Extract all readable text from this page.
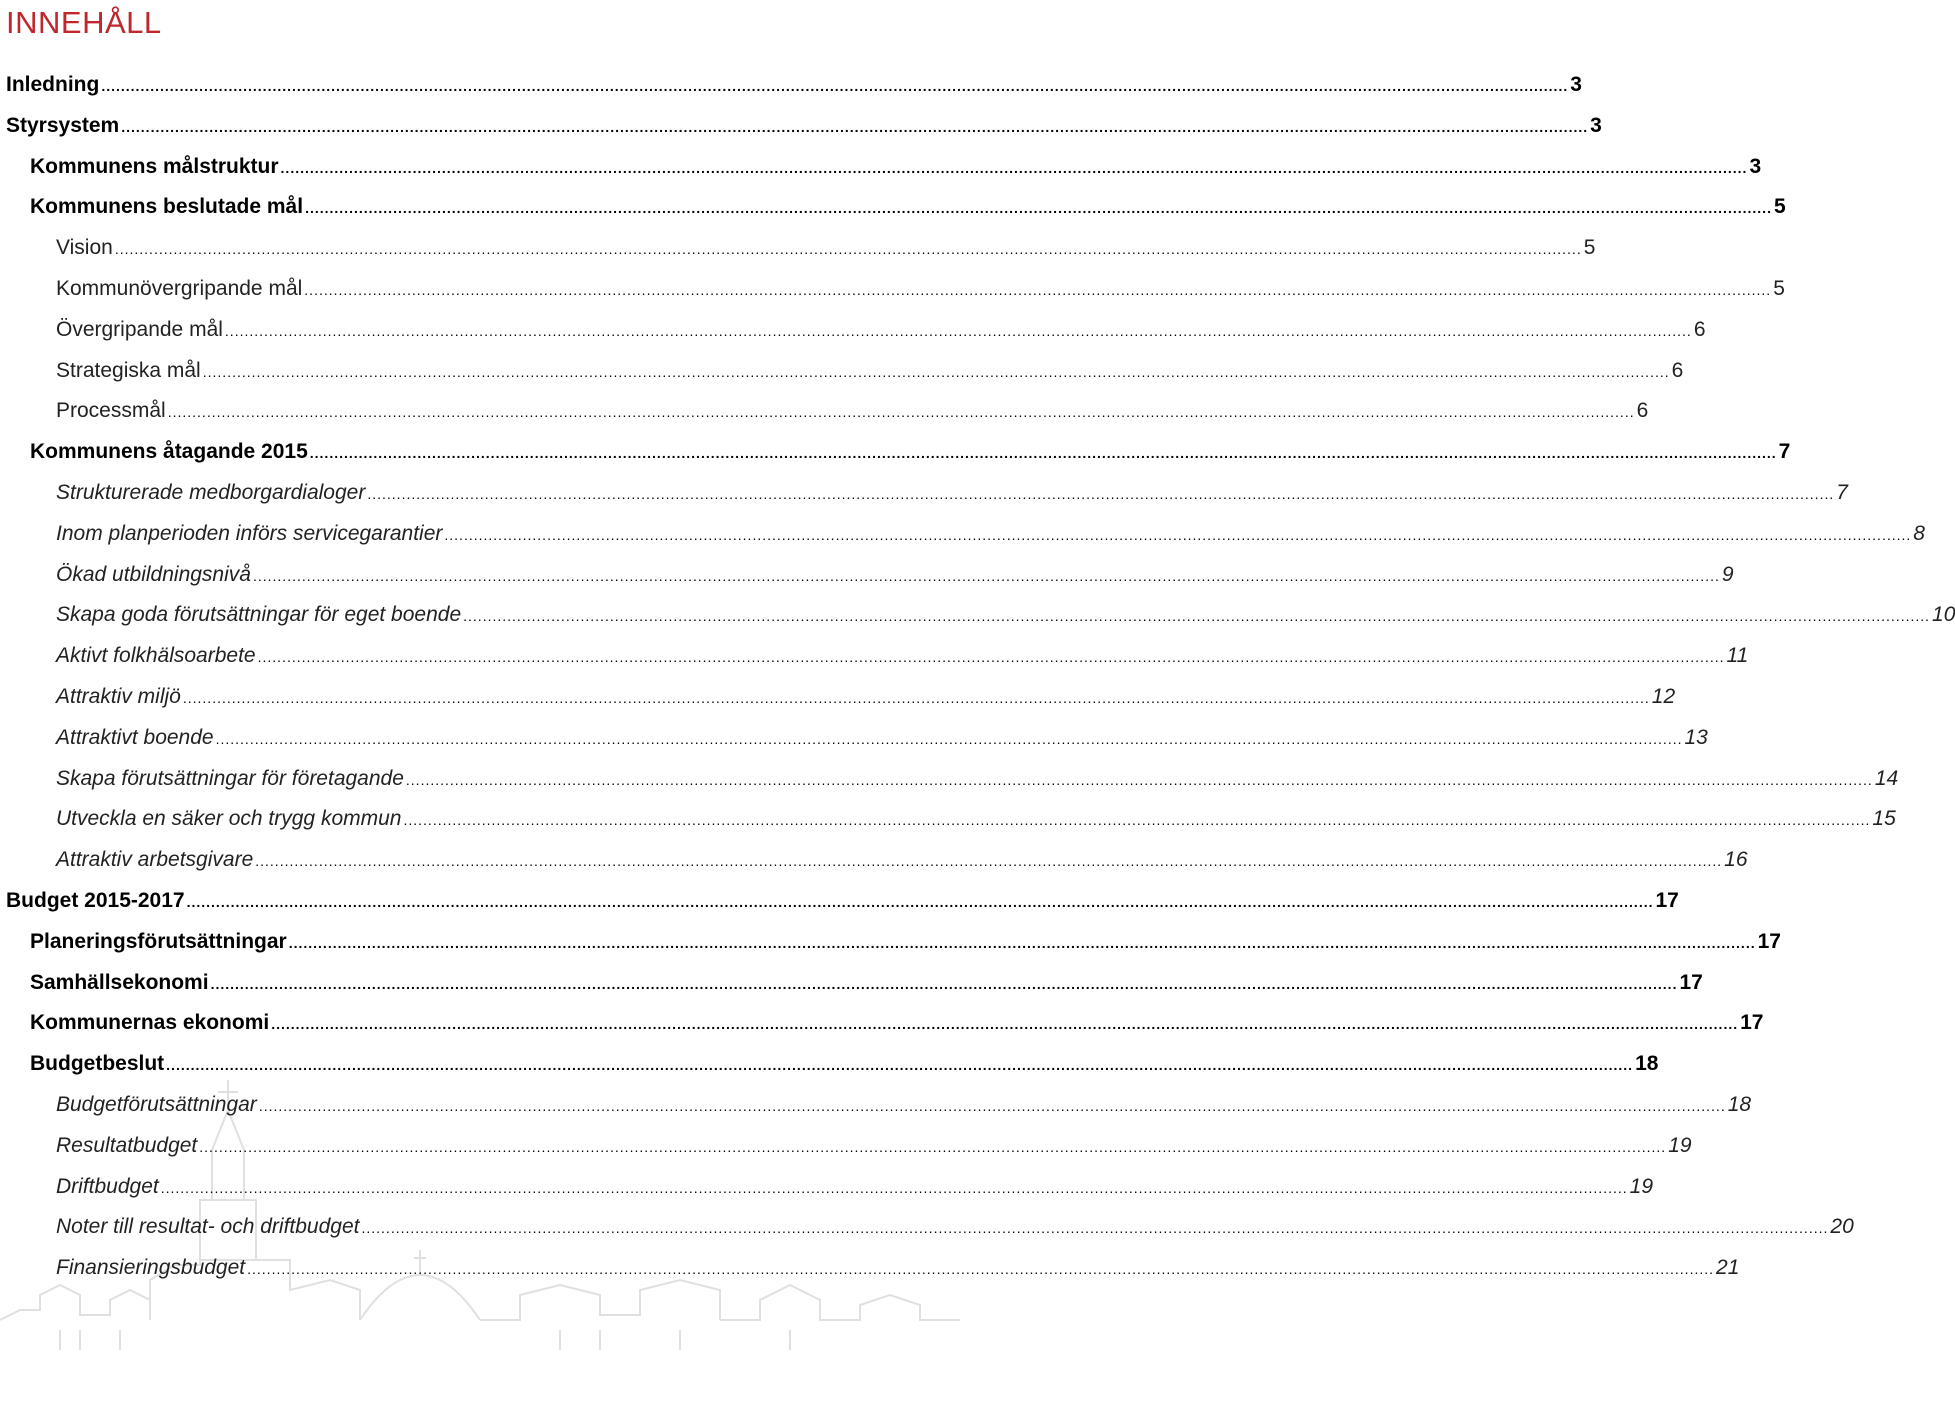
INNEHÅLL
Inledning ............................................................................................................................................................................................................................................................................................................ 3
Styrsystem ............................................................................................................................................................................................................................................................................................................ 3
Kommunens målstruktur ............................................................................................................................................................................................................................................................................................................ 3
Kommunens beslutade mål ............................................................................................................................................................................................................................................................................................................ 5
Vision ............................................................................................................................................................................................................................................................................................................ 5
Kommunövergripande mål ............................................................................................................................................................................................................................................................................................................ 5
Övergripande mål ............................................................................................................................................................................................................................................................................................................ 6
Strategiska mål ............................................................................................................................................................................................................................................................................................................ 6
Processmål ............................................................................................................................................................................................................................................................................................................ 6
Kommunens åtagande 2015 ............................................................................................................................................................................................................................................................................................................ 7
Strukturerade medborgardialoger ............................................................................................................................................................................................................................................................................................................ 7
Inom planperioden införs servicegarantier ............................................................................................................................................................................................................................................................................................................ 8
Ökad utbildningsnivå ............................................................................................................................................................................................................................................................................................................ 9
Skapa goda förutsättningar för eget boende ............................................................................................................................................................................................................................................................................................................ 10
Aktivt folkhälsoarbete ............................................................................................................................................................................................................................................................................................................ 11
Attraktiv miljö ............................................................................................................................................................................................................................................................................................................ 12
Attraktivt boende ............................................................................................................................................................................................................................................................................................................ 13
Skapa förutsättningar för företagande ............................................................................................................................................................................................................................................................................................................ 14
Utveckla en säker och trygg kommun ............................................................................................................................................................................................................................................................................................................ 15
Attraktiv arbetsgivare ............................................................................................................................................................................................................................................................................................................ 16
Budget 2015-2017 ............................................................................................................................................................................................................................................................................................................ 17
Planeringsförutsättningar ............................................................................................................................................................................................................................................................................................................ 17
Samhällsekonomi ............................................................................................................................................................................................................................................................................................................ 17
Kommunernas ekonomi ............................................................................................................................................................................................................................................................................................................ 17
Budgetbeslut ............................................................................................................................................................................................................................................................................................................ 18
Budgetförutsättningar ............................................................................................................................................................................................................................................................................................................ 18
Resultatbudget ............................................................................................................................................................................................................................................................................................................ 19
Driftbudget ............................................................................................................................................................................................................................................................................................................ 19
Noter till resultat- och driftbudget ............................................................................................................................................................................................................................................................................................................ 20
Finansieringsbudget ............................................................................................................................................................................................................................................................................................................ 21
